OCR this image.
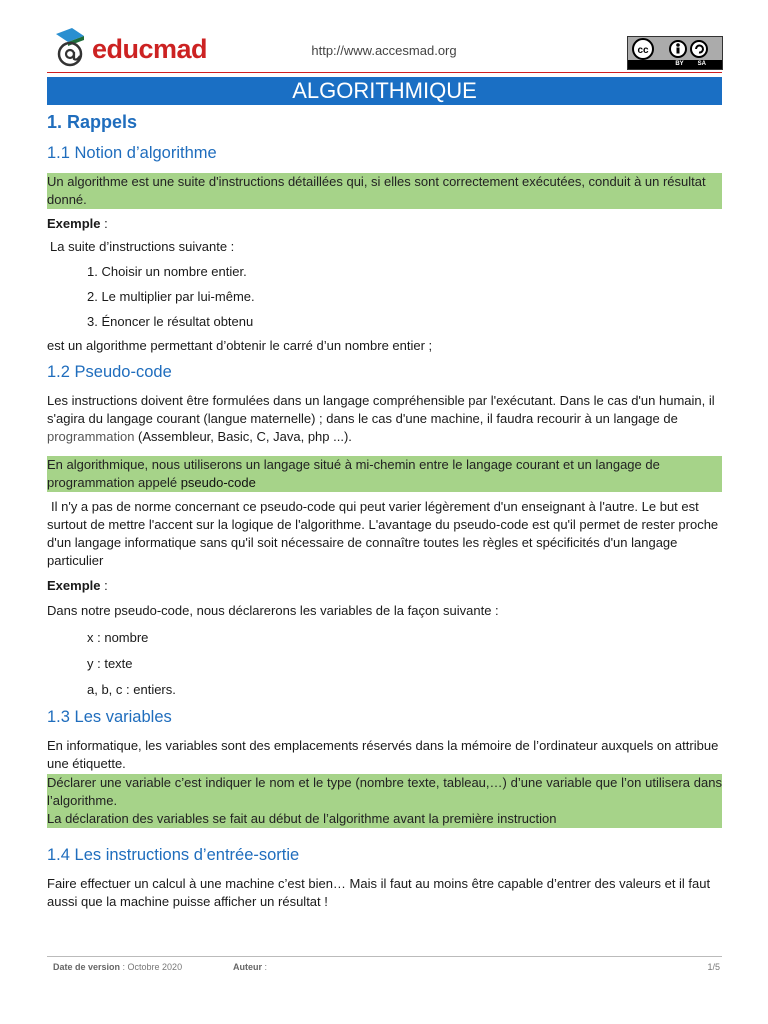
educmad	http://www.accesmad.org	cc
BY SA
ALGORITHMIQUE
1. Rappels
1.1 Notion d’algorithme
Un algorithme est une suite d'instructions détaillées qui, si elles sont correctement exécutées, conduit à un résultat donné.
Exemple :
La suite d’instructions suivante :
1. Choisir un nombre entier.
2. Le multiplier par lui-même.
3. Énoncer le résultat obtenu
est un algorithme permettant d’obtenir le carré d’un nombre entier ;
1.2 Pseudo-code
Les instructions doivent être formulées dans un langage compréhensible par l'exécutant. Dans le cas d'un humain, il s'agira du langage courant (langue maternelle) ; dans le cas d'une machine, il faudra recourir à un langage de programmation (Assembleur, Basic, C, Java, php ...).
En algorithmique, nous utiliserons un langage situé à mi-chemin entre le langage courant et un langage de programmation appelé pseudo-code
Il n'y a pas de norme concernant ce pseudo-code qui peut varier légèrement d'un enseignant à l'autre. Le but est surtout de mettre l'accent sur la logique de l'algorithme. L'avantage du pseudo-code est qu'il permet de rester proche d'un langage informatique sans qu'il soit nécessaire de connaître toutes les règles et spécificités d'un langage particulier
Exemple :
Dans notre pseudo-code, nous déclarerons les variables de la façon suivante :
x : nombre
y : texte
a, b, c : entiers.
1.3 Les variables
En informatique, les variables sont des emplacements réservés dans la mémoire de l’ordinateur auxquels on attribue une étiquette.
Déclarer une variable c’est indiquer le nom et le type (nombre texte, tableau,…) d’une variable que l’on utilisera dans l’algorithme.
La déclaration des variables se fait au début de l’algorithme avant la première instruction
1.4 Les instructions d’entrée-sortie
Faire effectuer un calcul à une machine c’est bien… Mais il faut au moins être capable d’entrer des valeurs et il faut aussi que la machine puisse afficher un résultat !
Date de version : Octobre 2020	Auteur :	1/5
